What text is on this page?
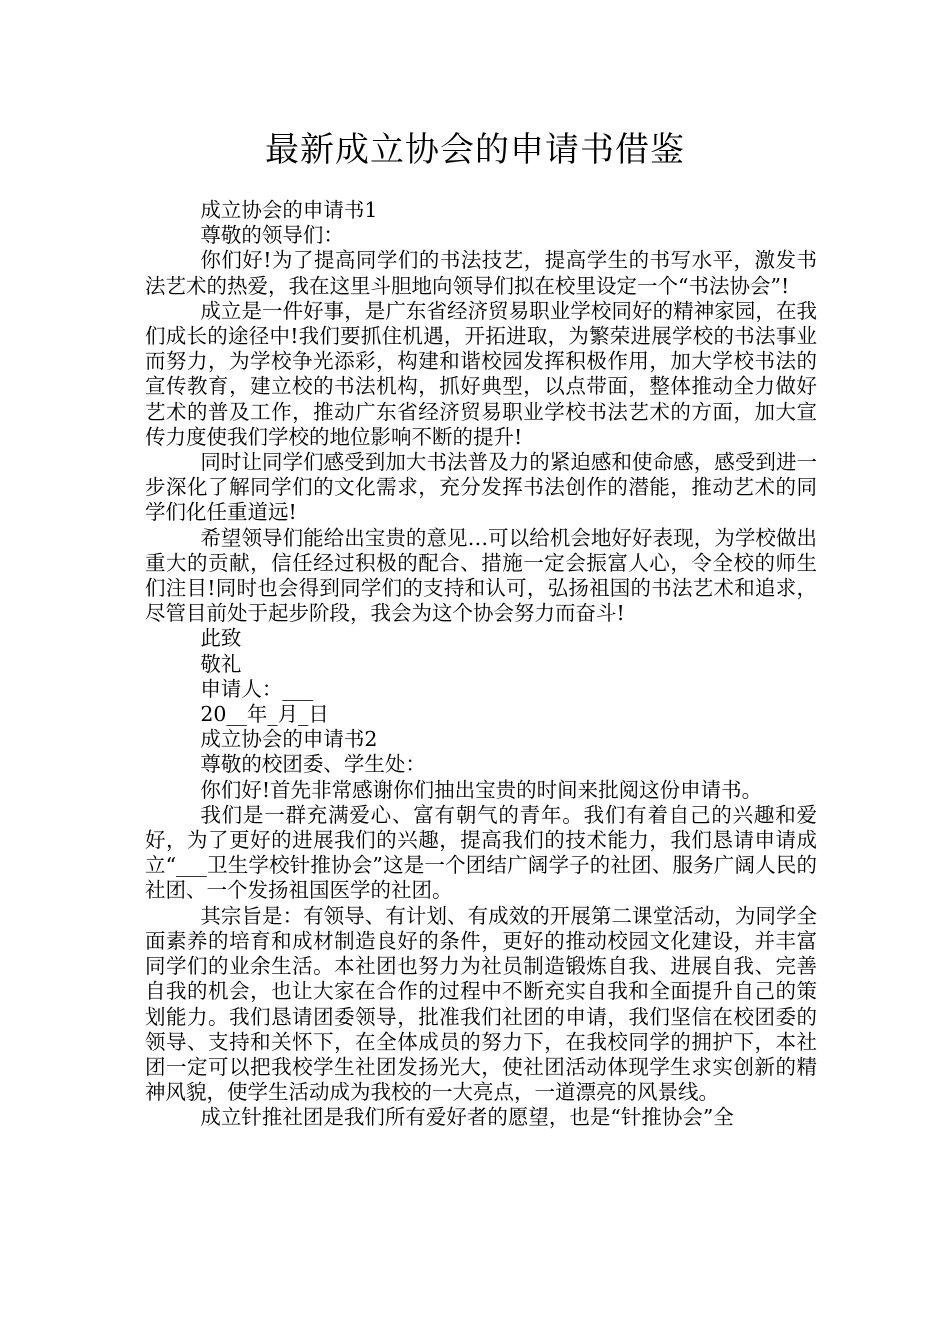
最新成立协会的申请书借鉴

成立协会的申请书1

尊敬的领导们：

你们好!为了提高同学们的书法技艺，提高学生的书写水平，激发书法艺术的热爱，我在这里斗胆地向领导们拟在校里设定一个“书法协会”!

成立是一件好事，是广东省经济贸易职业学校同好的精神家园，在我们成长的途径中!我们要抓住机遇，开拓进取，为繁荣进展学校的书法事业而努力，为学校争光添彩，构建和谐校园发挥积极作用，加大学校书法的宣传教育，建立校的书法机构，抓好典型，以点带面，整体推动全力做好艺术的普及工作，推动广东省经济贸易职业学校书法艺术的方面，加大宣传力度使我们学校的地位影响不断的提升!

同时让同学们感受到加大书法普及力的紧迫感和使命感，感受到进一步深化了解同学们的文化需求，充分发挥书法创作的潜能，推动艺术的同学们化任重道远!

希望领导们能给出宝贵的意见…可以给机会地好好表现，为学校做出重大的贡献，信任经过积极的配合、措施一定会振富人心，令全校的师生们注目!同时也会得到同学们的支持和认可，弘扬祖国的书法艺术和追求，尽管目前处于起步阶段，我会为这个协会努力而奋斗!

此致

敬礼

申请人：___

20__年_月_日

成立协会的申请书2

尊敬的校团委、学生处：

你们好!首先非常感谢你们抽出宝贵的时间来批阅这份申请书。

我们是一群充满爱心、富有朝气的青年。我们有着自己的兴趣和爱好，为了更好的进展我们的兴趣，提高我们的技术能力，我们恳请申请成立“___卫生学校针推协会”这是一个团结广阔学子的社团、服务广阔人民的社团、一个发扬祖国医学的社团。

其宗旨是：有领导、有计划、有成效的开展第二课堂活动，为同学全面素养的培育和成材制造良好的条件，更好的推动校园文化建设，并丰富同学们的业余生活。本社团也努力为社员制造锻炼自我、进展自我、完善自我的机会，也让大家在合作的过程中不断充实自我和全面提升自己的策划能力。我们恳请团委领导，批准我们社团的申请，我们坚信在校团委的领导、支持和关怀下，在全体成员的努力下，在我校同学的拥护下，本社团一定可以把我校学生社团发扬光大，使社团活动体现学生求实创新的精神风貌，使学生活动成为我校的一大亮点，一道漂亮的风景线。

成立针推社团是我们所有爱好者的愿望，也是“针推协会”全
